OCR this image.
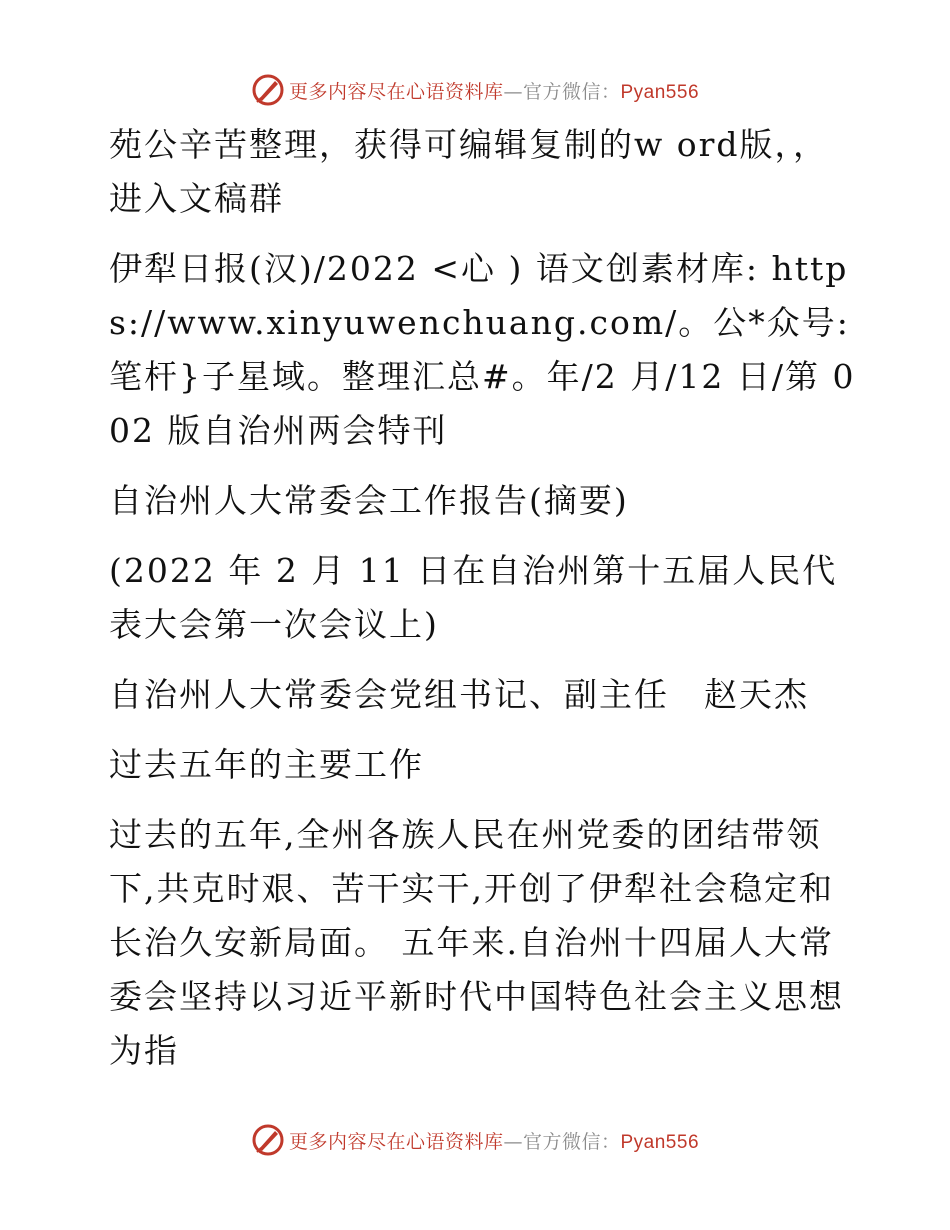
更多内容尽在心语资料库—官方微信：Pyan556

苑公辛苦整理，获得可编辑复制的w ord版，，进入文稿群

伊犁日报(汉)/2022 <心 ) 语文创素材库: https://www.xinyuwenchuang.com/。公*众号: 笔杆}子星域。整理汇总#。年/2 月/12 日/第 002 版自治州两会特刊

自治州人大常委会工作报告(摘要)

(2022 年 2 月 11 日在自治州第十五届人民代表大会第一次会议上)

自治州人大常委会党组书记、副主任　赵天杰

过去五年的主要工作

过去的五年,全州各族人民在州党委的团结带领下,共克时艰、苦干实干,开创了伊犁社会稳定和长治久安新局面。 五年来.自治州十四届人大常委会坚持以习近平新时代中国特色社会主义思想为指

更多内容尽在心语资料库—官方微信：Pyan556
